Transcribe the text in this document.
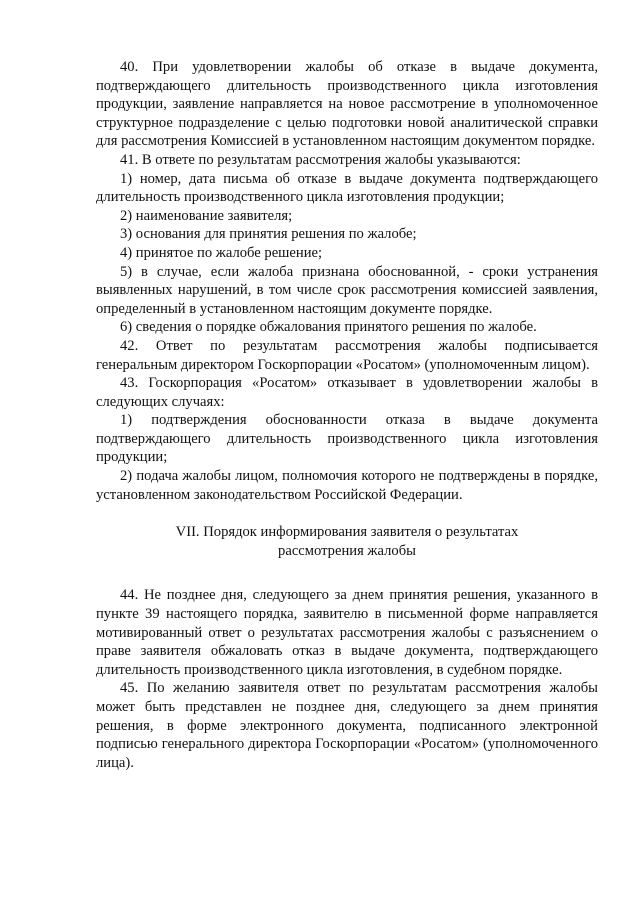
40. При удовлетворении жалобы об отказе в выдаче документа, подтверждающего длительность производственного цикла изготовления продукции, заявление направляется на новое рассмотрение в уполномоченное структурное подразделение с целью подготовки новой аналитической справки для рассмотрения Комиссией в установленном настоящим документом порядке.

41. В ответе по результатам рассмотрения жалобы указываются:

1) номер, дата письма об отказе в выдаче документа подтверждающего длительность производственного цикла изготовления продукции;

2) наименование заявителя;

3) основания для принятия решения по жалобе;

4) принятое по жалобе решение;

5) в случае, если жалоба признана обоснованной, - сроки устранения выявленных нарушений, в том числе срок рассмотрения комиссией заявления, определенный в установленном настоящим документе порядке.

6) сведения о порядке обжалования принятого решения по жалобе.

42. Ответ по результатам рассмотрения жалобы подписывается генеральным директором Госкорпорации «Росатом» (уполномоченным лицом).

43. Госкорпорация «Росатом» отказывает в удовлетворении жалобы в следующих случаях:

1) подтверждения обоснованности отказа в выдаче документа подтверждающего длительность производственного цикла изготовления продукции;

2) подача жалобы лицом, полномочия которого не подтверждены в порядке, установленном законодательством Российской Федерации.

VII. Порядок информирования заявителя о результатах
рассмотрения жалобы

44. Не позднее дня, следующего за днем принятия решения, указанного в пункте 39 настоящего порядка, заявителю в письменной форме направляется мотивированный ответ о результатах рассмотрения жалобы с разъяснением о праве заявителя обжаловать отказ в выдаче документа, подтверждающего длительность производственного цикла изготовления, в судебном порядке.

45. По желанию заявителя ответ по результатам рассмотрения жалобы может быть представлен не позднее дня, следующего за днем принятия решения, в форме электронного документа, подписанного электронной подписью генерального директора Госкорпорации «Росатом» (уполномоченного лица).
